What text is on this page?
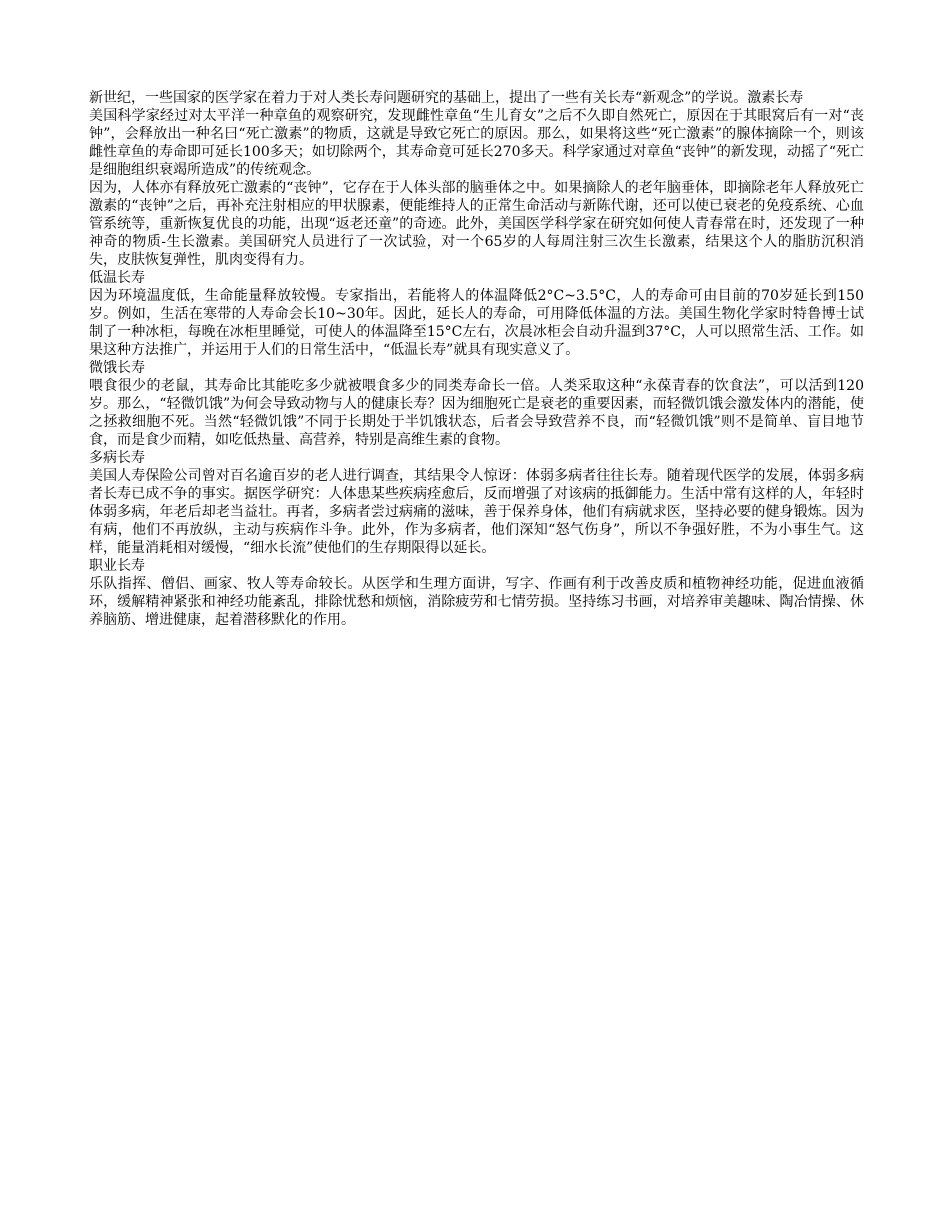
新世纪，一些国家的医学家在着力于对人类长寿问题研究的基础上，提出了一些有关长寿“新观念”的学说。激素长寿

美国科学家经过对太平洋一种章鱼的观察研究，发现雌性章鱼“生儿育女”之后不久即自然死亡，原因在于其眼窝后有一对“丧钟”，会释放出一种名曰“死亡激素”的物质，这就是导致它死亡的原因。那么，如果将这些“死亡激素”的腺体摘除一个，则该雌性章鱼的寿命即可延长100多天；如切除两个，其寿命竟可延长270多天。科学家通过对章鱼“丧钟”的新发现，动摇了“死亡是细胞组织衰竭所造成”的传统观念。

因为，人体亦有释放死亡激素的“丧钟”，它存在于人体头部的脑垂体之中。如果摘除人的老年脑垂体，即摘除老年人释放死亡激素的“丧钟”之后，再补充注射相应的甲状腺素，便能维持人的正常生命活动与新陈代谢，还可以使已衰老的免疫系统、心血管系统等，重新恢复优良的功能，出现“返老还童”的奇迹。此外，美国医学科学家在研究如何使人青春常在时，还发现了一种神奇的物质-生长激素。美国研究人员进行了一次试验，对一个65岁的人每周注射三次生长激素，结果这个人的脂肪沉积消失，皮肤恢复弹性，肌肉变得有力。

低温长寿

因为环境温度低，生命能量释放较慢。专家指出，若能将人的体温降低2°C~3.5°C，人的寿命可由目前的70岁延长到150岁。例如，生活在寒带的人寿命会长10~30年。因此，延长人的寿命，可用降低体温的方法。美国生物化学家时特鲁博士试制了一种冰柜，每晚在冰柜里睡觉，可使人的体温降至15°C左右，次晨冰柜会自动升温到37°C，人可以照常生活、工作。如果这种方法推广，并运用于人们的日常生活中，“低温长寿”就具有现实意义了。

微饿长寿

喂食很少的老鼠，其寿命比其能吃多少就被喂食多少的同类寿命长一倍。人类采取这种“永葆青春的饮食法”，可以活到120岁。那么，“轻微饥饿”为何会导致动物与人的健康长寿？因为细胞死亡是衰老的重要因素，而轻微饥饿会激发体内的潜能，使之拯救细胞不死。当然“轻微饥饿”不同于长期处于半饥饿状态，后者会导致营养不良，而“轻微饥饿”则不是简单、盲目地节食，而是食少而精，如吃低热量、高营养，特别是高维生素的食物。

多病长寿

美国人寿保险公司曾对百名逾百岁的老人进行调查，其结果令人惊讶：体弱多病者往往长寿。随着现代医学的发展，体弱多病者长寿已成不争的事实。据医学研究：人体患某些疾病痊愈后，反而增强了对该病的抵御能力。生活中常有这样的人，年轻时体弱多病，年老后却老当益壮。再者，多病者尝过病痛的滋味，善于保养身体，他们有病就求医，坚持必要的健身锻炼。因为有病，他们不再放纵，主动与疾病作斗争。此外，作为多病者，他们深知“怒气伤身”，所以不争强好胜，不为小事生气。这样，能量消耗相对缓慢，“细水长流”使他们的生存期限得以延长。

职业长寿

乐队指挥、僧侣、画家、牧人等寿命较长。从医学和生理方面讲，写字、作画有利于改善皮质和植物神经功能，促进血液循环，缓解精神紧张和神经功能紊乱，排除忧愁和烦恼，消除疲劳和七情劳损。坚持练习书画，对培养审美趣味、陶冶情操、休养脑筋、增进健康，起着潜移默化的作用。
